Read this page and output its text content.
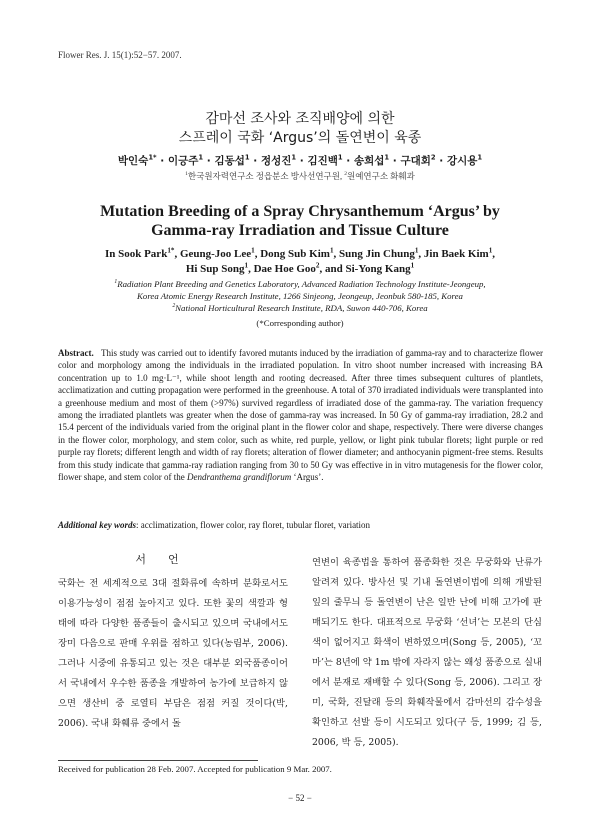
Flower Res. J. 15(1):52−57. 2007.
감마선 조사와 조직배양에 의한
스프레이 국화 ‘Argus’의 돌연변이 육종
박인숙$^{1*}$ · 이긍주$^1$ · 김동섭$^1$ · 정성진$^1$ · 김진백$^1$ · 송희섭$^1$ · 구대회$^2$ · 강시용$^1$
$^1$한국원자력연구소 정읍분소 방사선연구원, $^2$원예연구소 화훼과
Mutation Breeding of a Spray Chrysanthemum ‘Argus’ by
Gamma-ray Irradiation and Tissue Culture
In Sook Park$^{1*}$, Geung-Joo Lee$^1$, Dong Sub Kim$^1$, Sung Jin Chung$^1$, Jin Baek Kim$^1$,
Hi Sup Song$^1$, Dae Hoe Goo$^2$, and Si-Yong Kang$^1$
$^1$Radiation Plant Breeding and Genetics Laboratory, Advanced Radiation Technology Institute-Jeongeup,
Korea Atomic Energy Research Institute, 1266 Sinjeong, Jeongeup, Jeonbuk 580-185, Korea
$^2$National Horticultural Research Institute, RDA, Suwon 440-706, Korea
(*Corresponding author)
Abstract. This study was carried out to identify favored mutants induced by the irradiation of gamma-ray and to characterize flower color and morphology among the individuals in the irradiated population. In vitro shoot number increased with increasing BA concentration up to 1.0 mg·L⁻¹, while shoot length and rooting decreased. After three times subsequent cultures of plantlets, acclimatization and cutting propagation were performed in the greenhouse. A total of 370 irradiated individuals were transplanted into a greenhouse medium and most of them (>97%) survived regardless of irradiated dose of the gamma-ray. The variation frequency among the irradiated plantlets was greater when the dose of gamma-ray was increased. In 50 Gy of gamma-ray irradiation, 28.2 and 15.4 percent of the individuals varied from the original plant in the flower color and shape, respectively. There were diverse changes in the flower color, morphology, and stem color, such as white, red purple, yellow, or light pink tubular florets; light purple or red purple ray florets; different length and width of ray florets; alteration of flower diameter; and anthocyanin pigment-free stems. Results from this study indicate that gamma-ray radiation ranging from 30 to 50 Gy was effective in in vitro mutagenesis for the flower color, flower shape, and stem color of the Dendranthema grandiflorum ‘Argus’.
Additional key words: acclimatization, flower color, ray floret, tubular floret, variation
서언
국화는 전 세계적으로 3대 절화류에 속하며 분화로서도 이용가능성이 점점 높아지고 있다. 또한 꽃의 색깔과 형태에 따라 다양한 품종들이 출시되고 있으며 국내에서도 장미 다음으로 판매 우위를 점하고 있다(농림부, 2006). 그러나 시중에 유통되고 있는 것은 대부분 외국품종이어서 국내에서 우수한 품종을 개발하여 농가에 보급하지 않으면 생산비 중 로열티 부담은 점점 커질 것이다(박, 2006). 국내 화훼류 중에서 돌
연변이 육종법을 통하여 품종화한 것은 무궁화와 난류가 알려져 있다. 방사선 및 기내 돌연변이법에 의해 개발된 잎의 줄무늬 등 돌연변이 난은 일반 난에 비해 고가에 판매되기도 한다. 대표적으로 무궁화 ‘선녀’는 모본의 단심색이 없어지고 화색이 변하였으며(Song 등, 2005), ‘꼬마’는 8년에 약 1m 밖에 자라지 않는 왜성 품종으로 실내에서 분재로 재배할 수 있다(Song 등, 2006). 그리고 장미, 국화, 진달래 등의 화훼작물에서 감마선의 감수성을 확인하고 선발 등이 시도되고 있다(구 등, 1999; 김 등, 2006, 박 등, 2005).
Received for publication 28 Feb. 2007. Accepted for publication 9 Mar. 2007.
− 52 −
